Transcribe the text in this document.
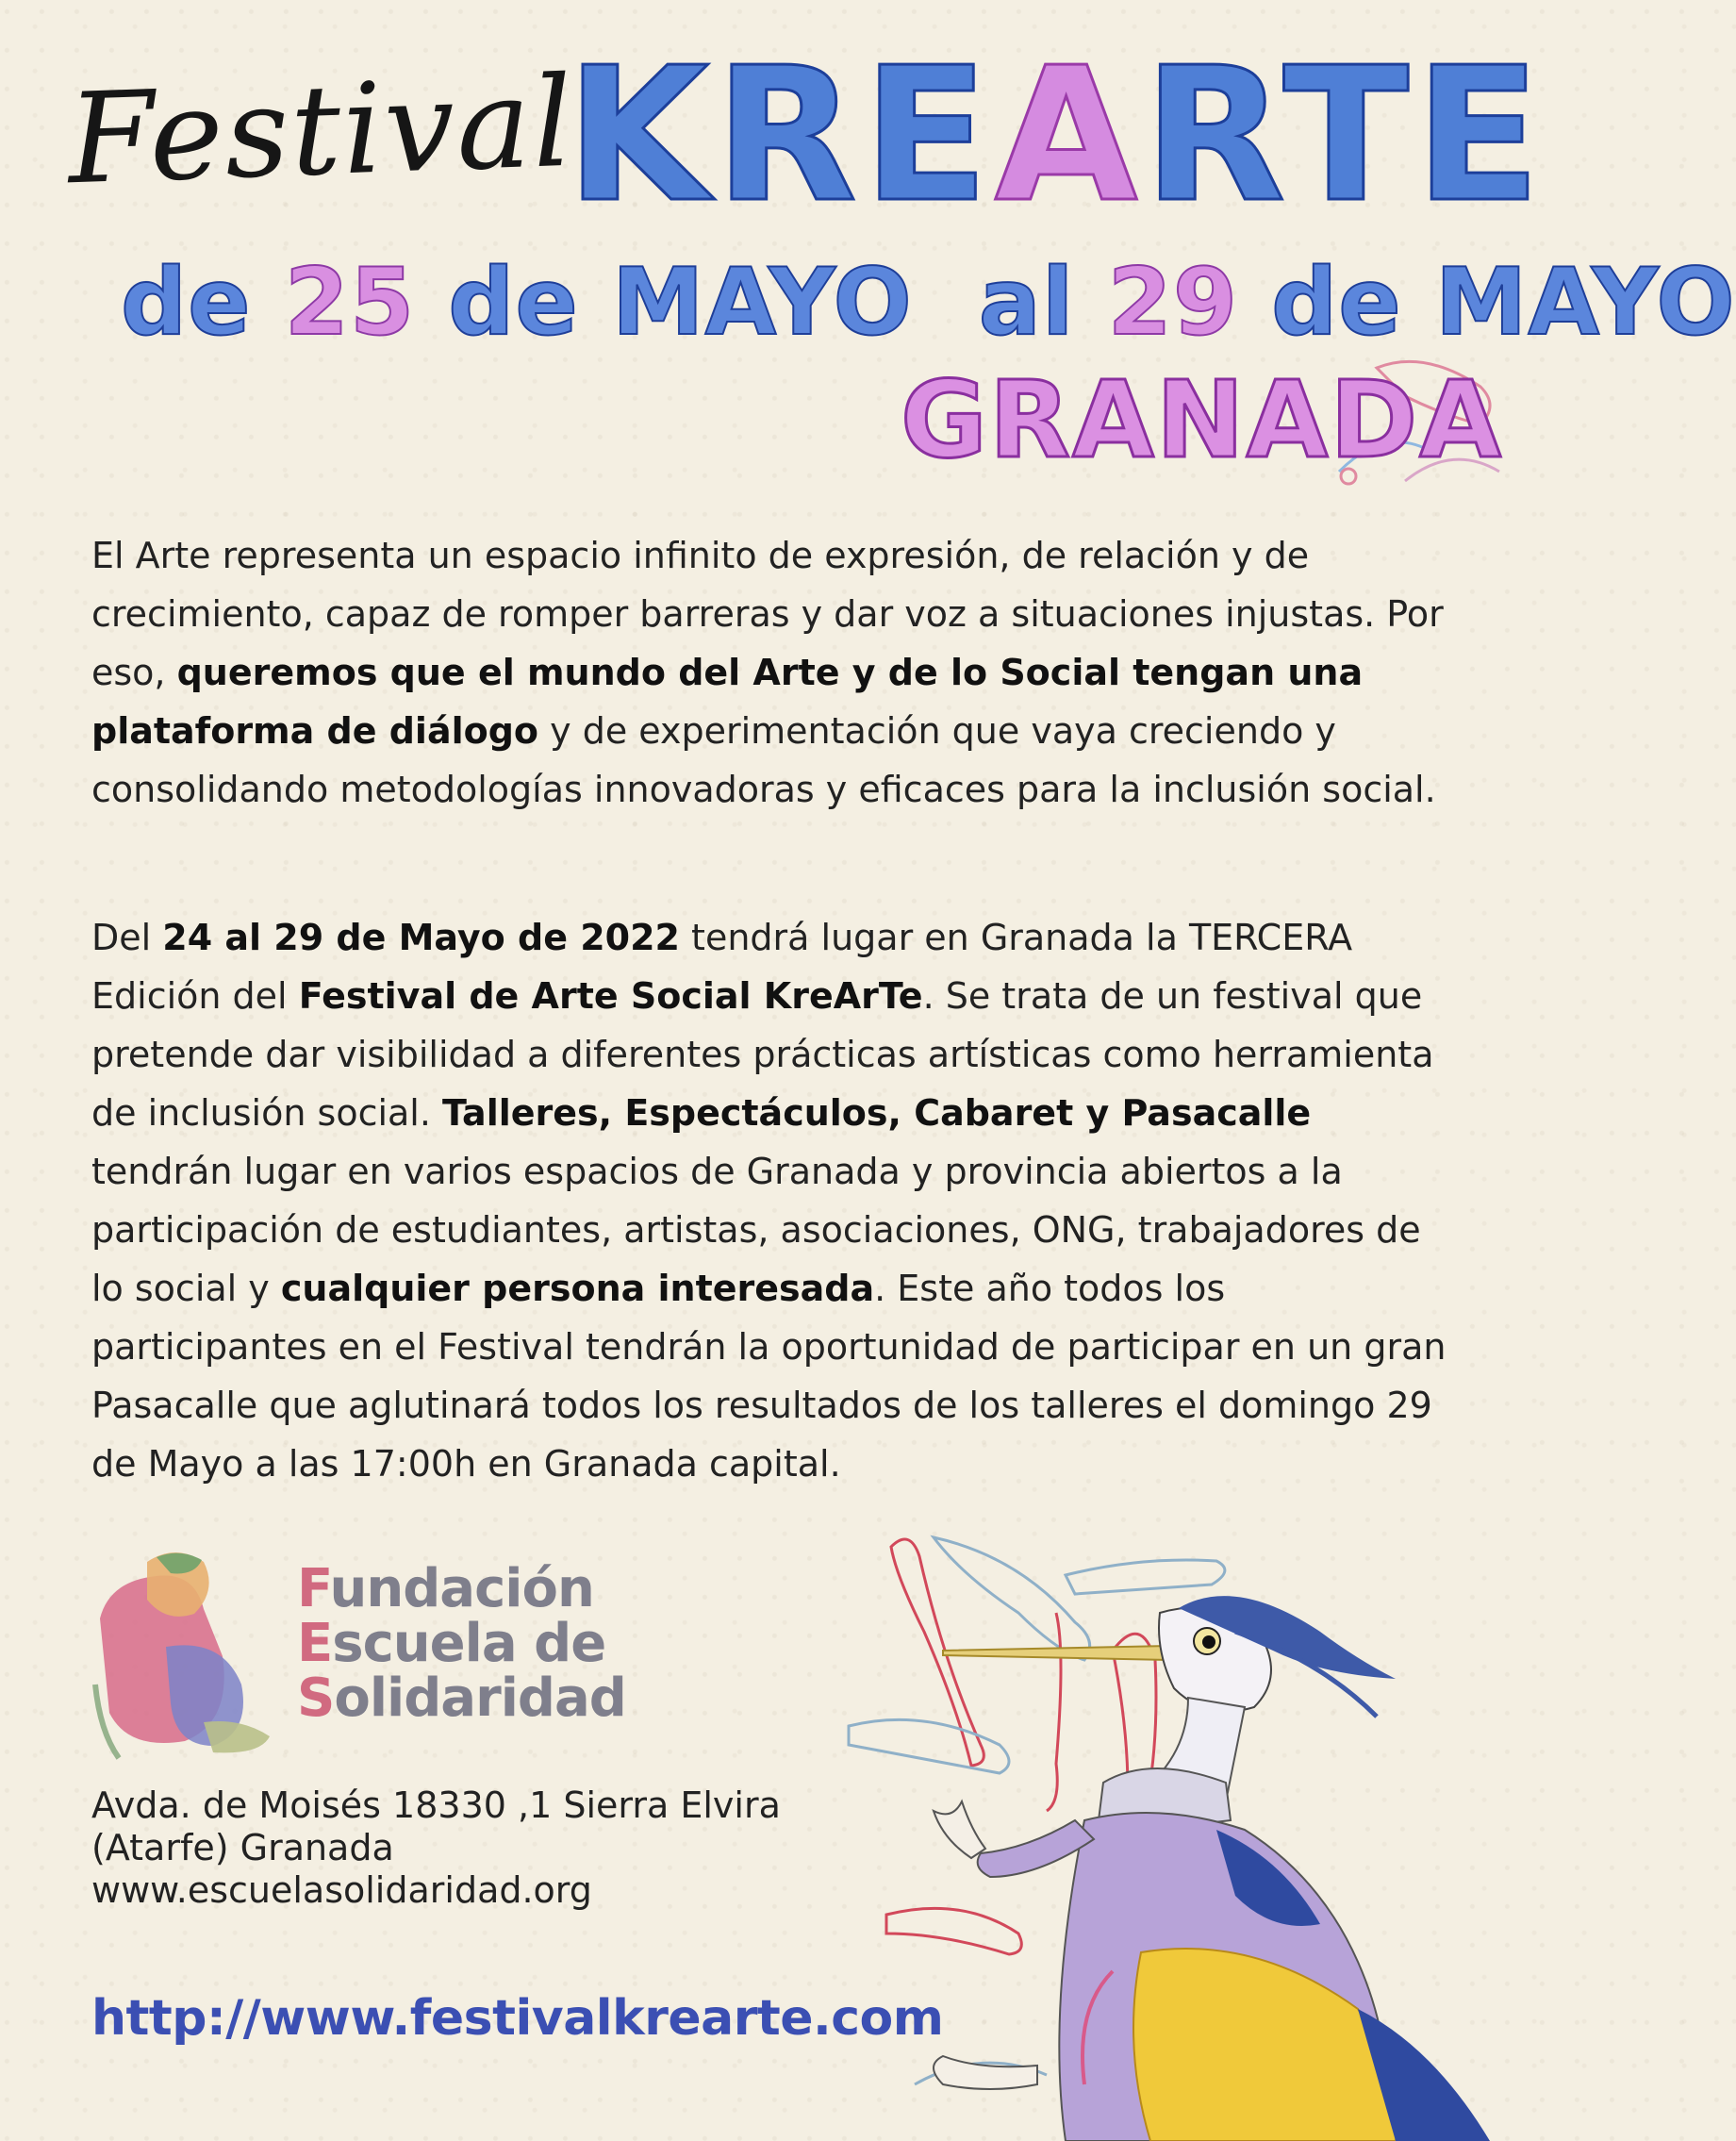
Festival
KREARTE
de 25 de MAYO al 29 de MAYO
GRANADA
El Arte representa un espacio infinito de expresión, de relación y de crecimiento, capaz de romper barreras y dar voz a situaciones injustas. Por eso, queremos que el mundo del Arte y de lo Social tengan una plataforma de diálogo y de experimentación que vaya creciendo y consolidando metodologías innovadoras y eficaces para la inclusión social.
Del 24 al 29 de Mayo de 2022 tendrá lugar en Granada la TERCERA Edición del Festival de Arte Social KreArTe. Se trata de un festival que pretende dar visibilidad a diferentes prácticas artísticas como herramienta de inclusión social. Talleres, Espectáculos, Cabaret y Pasacalle tendrán lugar en varios espacios de Granada y provincia abiertos a la participación de estudiantes, artistas, asociaciones, ONG, trabajadores de lo social y cualquier persona interesada. Este año todos los participantes en el Festival tendrán la oportunidad de participar en un gran Pasacalle que aglutinará todos los resultados de los talleres el domingo 29 de Mayo a las 17:00h en Granada capital.
Fundación
Escuela de
Solidaridad
Avda. de Moisés 18330 ,1 Sierra Elvira
(Atarfe) Granada
www.escuelasolidaridad.org
http://www.festivalkrearte.com
